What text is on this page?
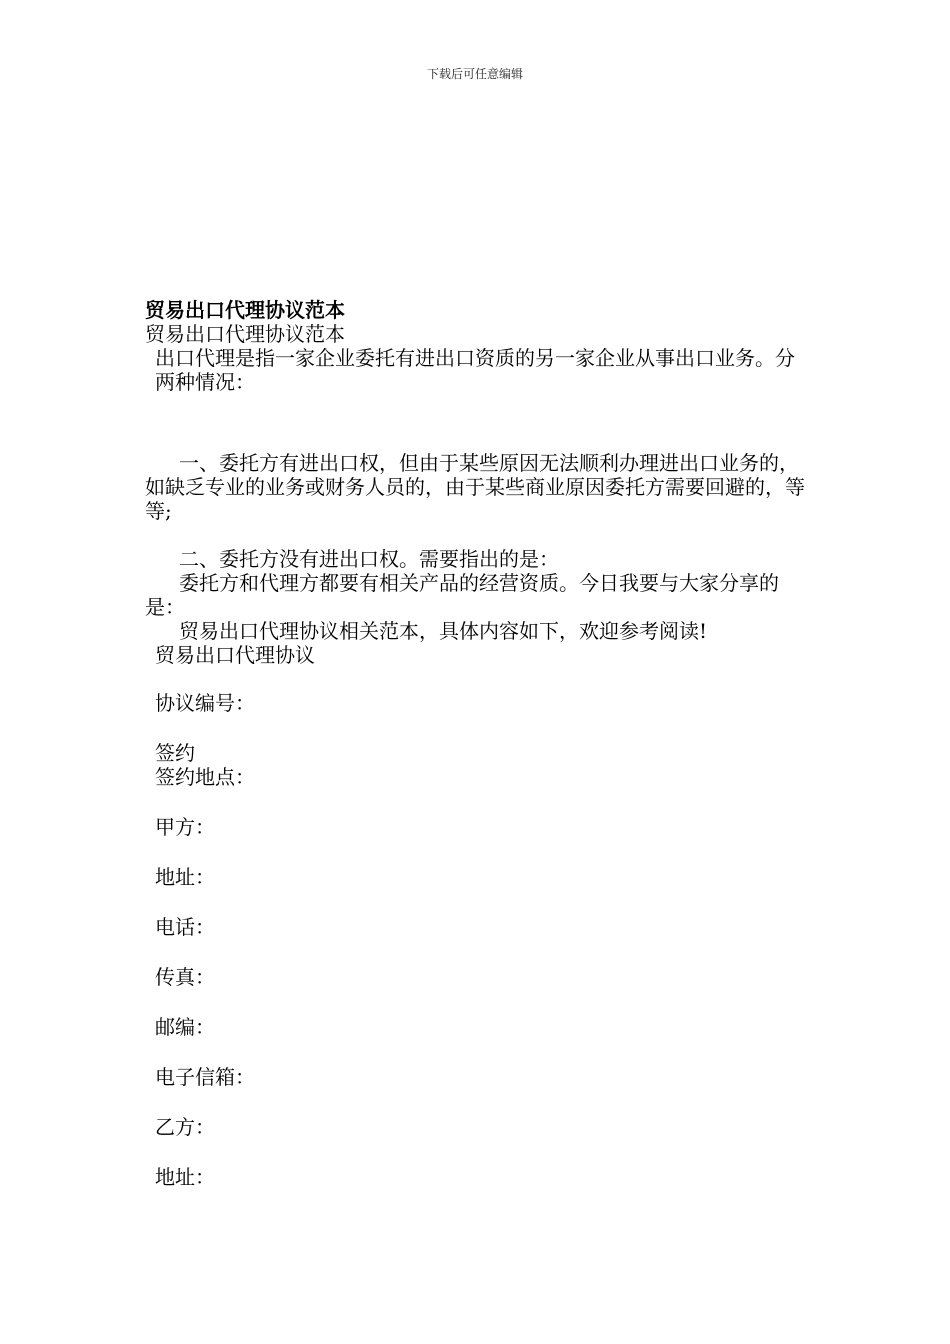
下载后可任意编辑

贸易出口代理协议范本

贸易出口代理协议范本

出口代理是指一家企业委托有进出口资质的另一家企业从事出口业务。分两种情况：

一、委托方有进出口权，但由于某些原因无法顺利办理进出口业务的，如缺乏专业的业务或财务人员的，由于某些商业原因委托方需要回避的，等等;

二、委托方没有进出口权。需要指出的是：

委托方和代理方都要有相关产品的经营资质。今日我要与大家分享的是：

贸易出口代理协议相关范本，具体内容如下，欢迎参考阅读!

贸易出口代理协议

协议编号：

签约

签约地点：

甲方：

地址：

电话：

传真：

邮编：

电子信箱：

乙方：

地址：
